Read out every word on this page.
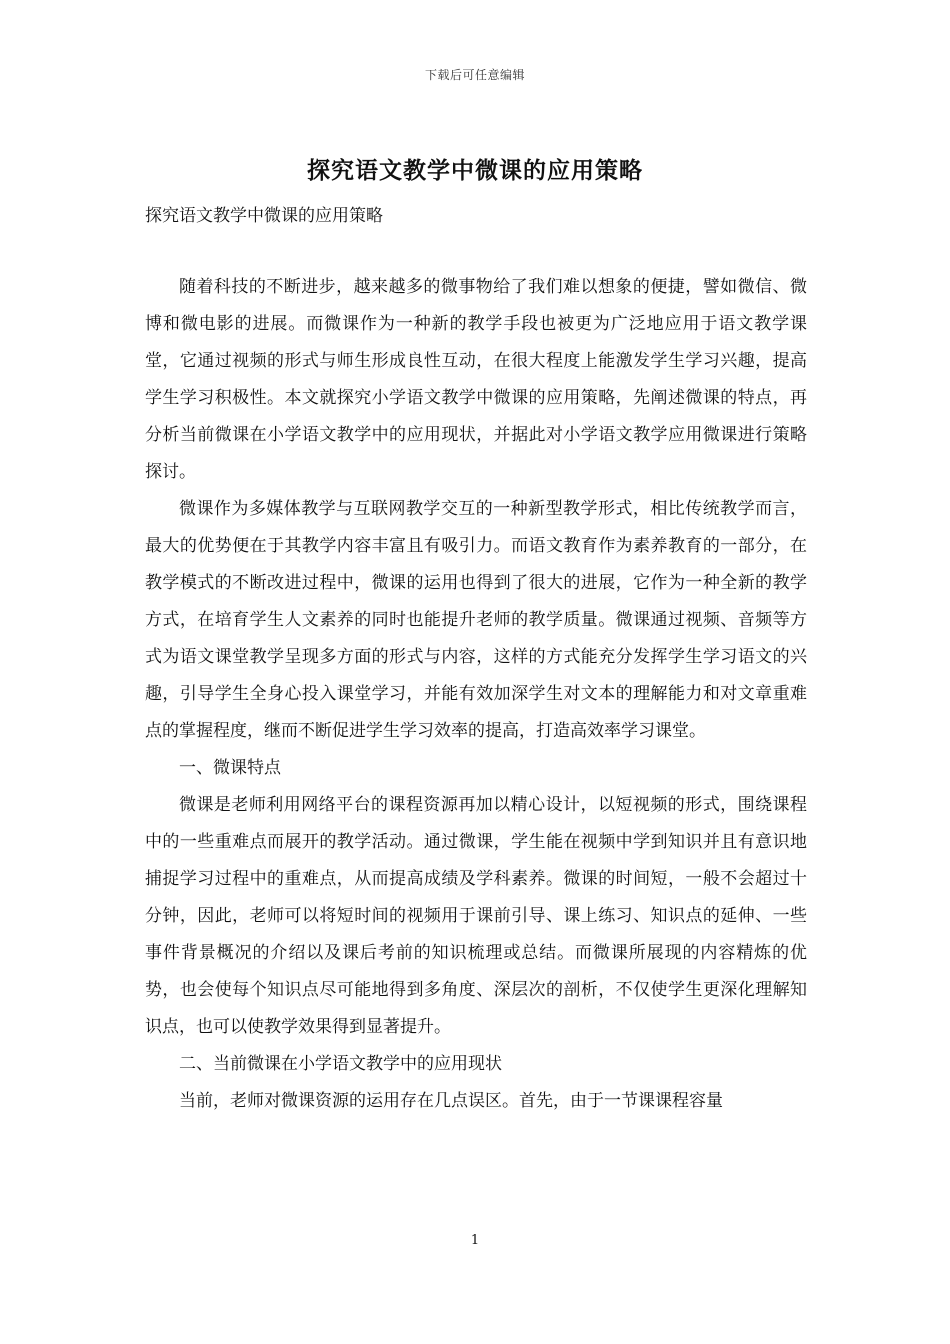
下载后可任意编辑
探究语文教学中微课的应用策略

探究语文教学中微课的应用策略

随着科技的不断进步，越来越多的微事物给了我们难以想象的便捷，譬如微信、微博和微电影的进展。而微课作为一种新的教学手段也被更为广泛地应用于语文教学课堂，它通过视频的形式与师生形成良性互动，在很大程度上能激发学生学习兴趣，提高学生学习积极性。本文就探究小学语文教学中微课的应用策略，先阐述微课的特点，再分析当前微课在小学语文教学中的应用现状，并据此对小学语文教学应用微课进行策略探讨。

微课作为多媒体教学与互联网教学交互的一种新型教学形式，相比传统教学而言，最大的优势便在于其教学内容丰富且有吸引力。而语文教育作为素养教育的一部分，在教学模式的不断改进过程中，微课的运用也得到了很大的进展，它作为一种全新的教学方式，在培育学生人文素养的同时也能提升老师的教学质量。微课通过视频、音频等方式为语文课堂教学呈现多方面的形式与内容，这样的方式能充分发挥学生学习语文的兴趣，引导学生全身心投入课堂学习，并能有效加深学生对文本的理解能力和对文章重难点的掌握程度，继而不断促进学生学习效率的提高，打造高效率学习课堂。

一、微课特点

微课是老师利用网络平台的课程资源再加以精心设计，以短视频的形式，围绕课程中的一些重难点而展开的教学活动。通过微课，学生能在视频中学到知识并且有意识地捕捉学习过程中的重难点，从而提高成绩及学科素养。微课的时间短，一般不会超过十分钟，因此，老师可以将短时间的视频用于课前引导、课上练习、知识点的延伸、一些事件背景概况的介绍以及课后考前的知识梳理或总结。而微课所展现的内容精炼的优势，也会使每个知识点尽可能地得到多角度、深层次的剖析，不仅使学生更深化理解知识点，也可以使教学效果得到显著提升。

二、当前微课在小学语文教学中的应用现状

当前，老师对微课资源的运用存在几点误区。首先，由于一节课课程容量

1
